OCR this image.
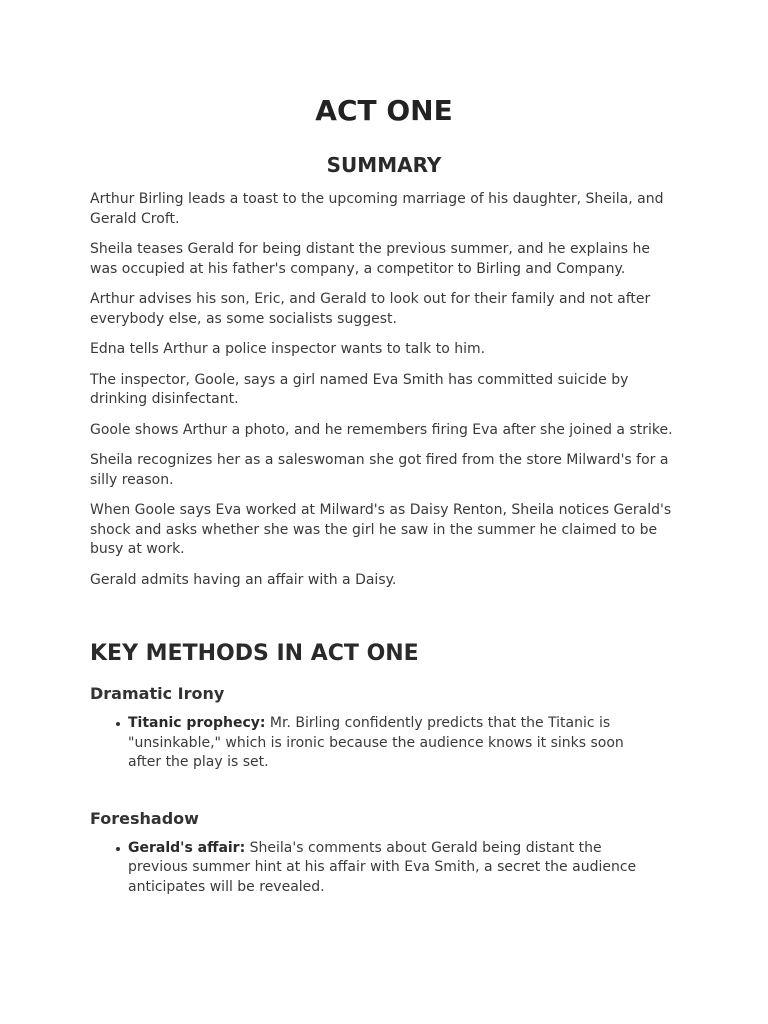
ACT ONE
SUMMARY

Arthur Birling leads a toast to the upcoming marriage of his daughter, Sheila, and Gerald Croft.

Sheila teases Gerald for being distant the previous summer, and he explains he was occupied at his father's company, a competitor to Birling and Company.

Arthur advises his son, Eric, and Gerald to look out for their family and not after everybody else, as some socialists suggest.

Edna tells Arthur a police inspector wants to talk to him.

The inspector, Goole, says a girl named Eva Smith has committed suicide by drinking disinfectant.

Goole shows Arthur a photo, and he remembers firing Eva after she joined a strike.

Sheila recognizes her as a saleswoman she got fired from the store Milward's for a silly reason.

When Goole says Eva worked at Milward's as Daisy Renton, Sheila notices Gerald's shock and asks whether she was the girl he saw in the summer he claimed to be busy at work.

Gerald admits having an affair with a Daisy.

KEY METHODS IN ACT ONE
Dramatic Irony
Titanic prophecy: Mr. Birling confidently predicts that the Titanic is "unsinkable," which is ironic because the audience knows it sinks soon after the play is set.
Foreshadow
Gerald's affair: Sheila's comments about Gerald being distant the previous summer hint at his affair with Eva Smith, a secret the audience anticipates will be revealed.
